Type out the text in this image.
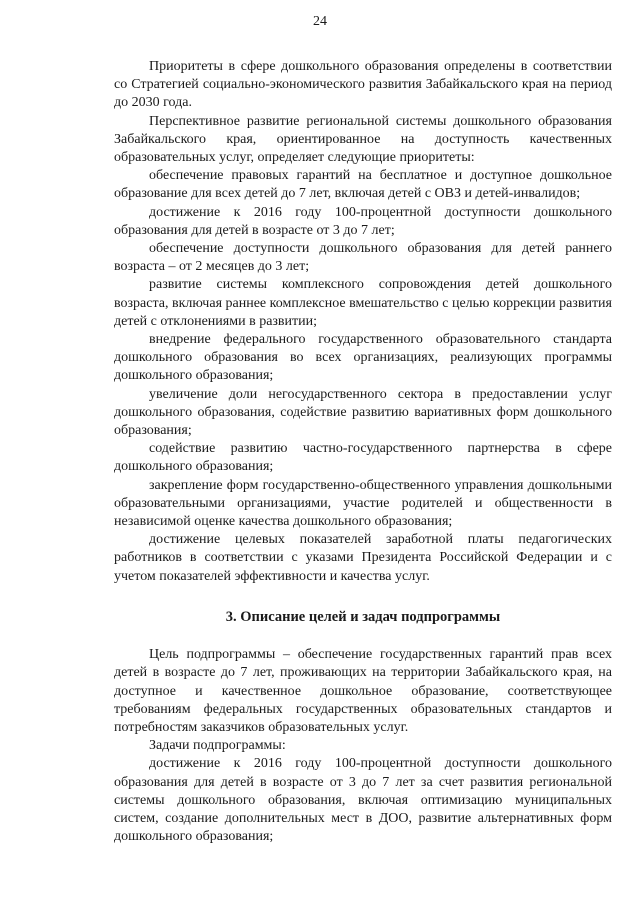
24

Приоритеты в сфере дошкольного образования определены в соответствии со Стратегией социально-экономического развития Забайкальского края на период до 2030 года.

Перспективное развитие региональной системы дошкольного образования Забайкальского края, ориентированное на доступность качественных образовательных услуг, определяет следующие приоритеты:

обеспечение правовых гарантий на бесплатное и доступное дошкольное образование для всех детей до 7 лет, включая детей с ОВЗ и детей-инвалидов;

достижение к 2016 году 100-процентной доступности дошкольного образования для детей в возрасте от 3 до 7 лет;

обеспечение доступности дошкольного образования для детей раннего возраста – от 2 месяцев до 3 лет;

развитие системы комплексного сопровождения детей дошкольного возраста, включая раннее комплексное вмешательство с целью коррекции развития детей с отклонениями в развитии;

внедрение федерального государственного образовательного стандарта дошкольного образования во всех организациях, реализующих программы дошкольного образования;

увеличение доли негосударственного сектора в предоставлении услуг дошкольного образования, содействие развитию вариативных форм дошкольного образования;

содействие развитию частно-государственного партнерства в сфере дошкольного образования;

закрепление форм государственно-общественного управления дошкольными образовательными организациями, участие родителей и общественности в независимой оценке качества дошкольного образования;

достижение целевых показателей заработной платы педагогических работников в соответствии с указами Президента Российской Федерации и с учетом показателей эффективности и качества услуг.

3. Описание целей и задач подпрограммы

Цель подпрограммы – обеспечение государственных гарантий прав всех детей в возрасте до 7 лет, проживающих на территории Забайкальского края, на доступное и качественное дошкольное образование, соответствующее требованиям федеральных государственных образовательных стандартов и потребностям заказчиков образовательных услуг.

Задачи подпрограммы:

достижение к 2016 году 100-процентной доступности дошкольного образования для детей в возрасте от 3 до 7 лет за счет развития региональной системы дошкольного образования, включая оптимизацию муниципальных систем, создание дополнительных мест в ДОО, развитие альтернативных форм дошкольного образования;
